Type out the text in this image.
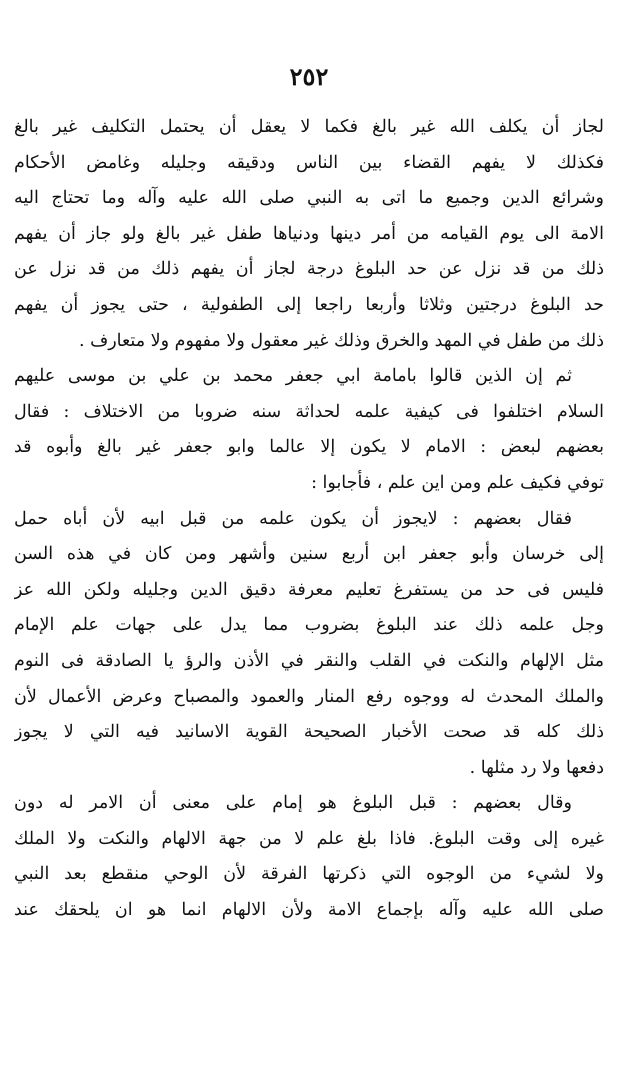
٢٥٢
لجاز أن يكلف الله غير بالغ فكما لا يعقل أن يحتمل التكليف غير بالغ
فكذلك لا يفهم القضاء بين الناس ودقيقه وجليله وغامض الأحكام
وشرائع الدين وجميع ما اتى به النبي صلى الله عليه وآله وما تحتاج اليه
الامة الى يوم القيامه من أمر دينها ودنياها طفل غير بالغ ولو جاز أن يفهم
ذلك من قد نزل عن حد البلوغ درجة لجاز أن يفهم ذلك من قد نزل عن
حد البلوغ درجتين وثلاثا وأربعا راجعا إلى الطفولية ، حتى يجوز أن يفهم
ذلك من طفل في المهد والخرق وذلك غير معقول ولا مفهوم ولا متعارف .
ثم إن الذين قالوا بامامة ابي جعفر محمد بن علي بن موسى عليهم
السلام اختلفوا فى كيفية علمه لحداثة سنه ضروبا من الاختلاف : فقال
بعضهم لبعض : الامام لا يكون إلا عالما وابو جعفر غير بالغ وأبوه قد
توفي فكيف علم ومن اين علم ، فأجابوا :
فقال بعضهم : لايجوز أن يكون علمه من قبل ابيه لأن أباه حمل
إلى خرسان وأبو جعفر ابن أربع سنين وأشهر ومن كان في هذه السن
فليس فى حد من يستفرغ تعليم معرفة دقيق الدين وجليله ولكن الله عز
وجل علمه ذلك عند البلوغ بضروب مما يدل على جهات علم الإمام
مثل الإلهام والنكت في القلب والنقر في الأذن والرؤ يا الصادقة فى النوم
والملك المحدث له ووجوه رفع المنار والعمود والمصباح وعرض الأعمال لأن
ذلك كله قد صحت الأخبار الصحيحة القوية الاسانيد فيه التي لا يجوز
دفعها ولا رد مثلها .
وقال بعضهم : قبل البلوغ هو إمام على معنى أن الامر له دون
غيره إلى وقت البلوغ. فاذا بلغ علم لا من جهة الالهام والنكت ولا الملك
ولا لشيء من الوجوه التي ذكرتها الفرقة لأن الوحي منقطع بعد النبي
صلى الله عليه وآله بإجماع الامة ولأن الالهام انما هو ان يلحقك عند
